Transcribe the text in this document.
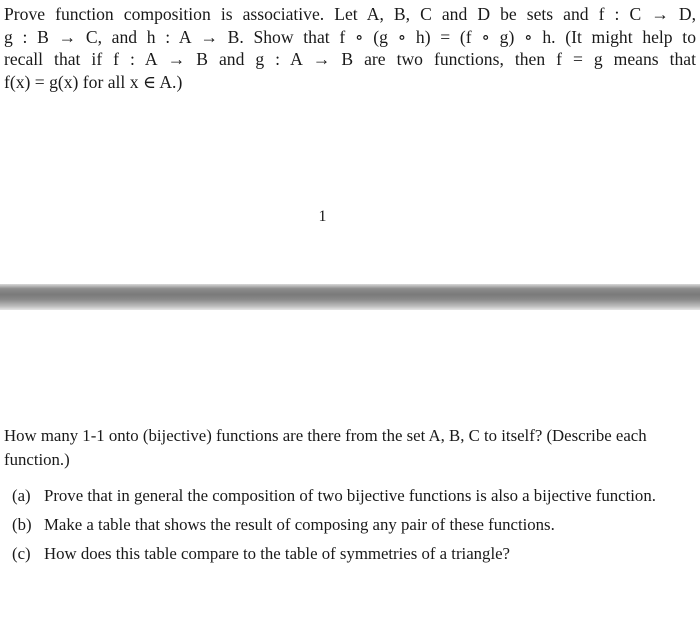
Prove function composition is associative. Let A, B, C and D be sets and f : C → D,
g : B → C, and h : A → B. Show that f ∘ (g ∘ h) = (f ∘ g) ∘ h. (It might help to
recall that if f : A → B and g : A → B are two functions, then f = g means that
f(x) = g(x) for all x ∈ A.)
1

How many 1-1 onto (bijective) functions are there from the set A, B, C to itself? (Describe each function.)

(a) Prove that in general the composition of two bijective functions is also a bijective function.
(b) Make a table that shows the result of composing any pair of these functions.
(c) How does this table compare to the table of symmetries of a triangle?
